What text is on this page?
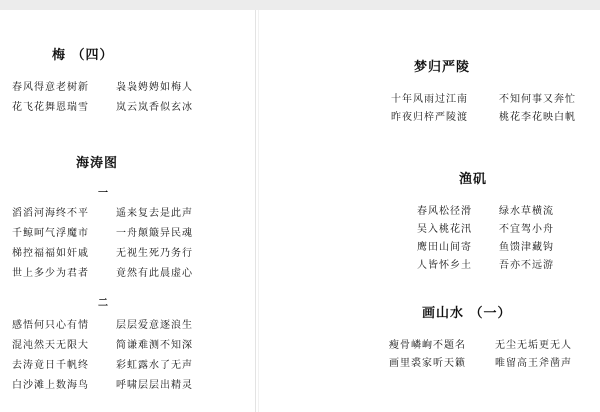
梅 （四）
春风得意老树新	袅袅娉娉如梅人
花飞花舞恩瑞雪	岚云岚香似玄冰
海涛图
一
滔滔河海终不平	遥来复去是此声
千鲸呵气浮魔市	一舟颠簸异民魂
梯控福福如奸戚	无视生死乃务行
世上多少为君者	竟然有此晨虚心
二
感悟何只心有情	层层爱意逐浪生
混沌然天无限大	简谦难测不知深
去涛竟日千帆终	彩虹露水了无声
白沙滩上数海鸟	呼啸层层出精灵
梦归严陵
十年风雨过江南	不知何事又奔忙
昨夜归梓严陵渡	桃花李花映白帆
渔矶
春风松径滑	绿水草横流
吴入桃花汛	不宜驾小舟
鹰田山间寄	鱼馈津藏钩
人皆怀乡土	吾亦不远游
画山水 （一）
瘦骨嶙峋不题名	无尘无垢更无人
画里裘家听天籁	唯留高王斧凿声
